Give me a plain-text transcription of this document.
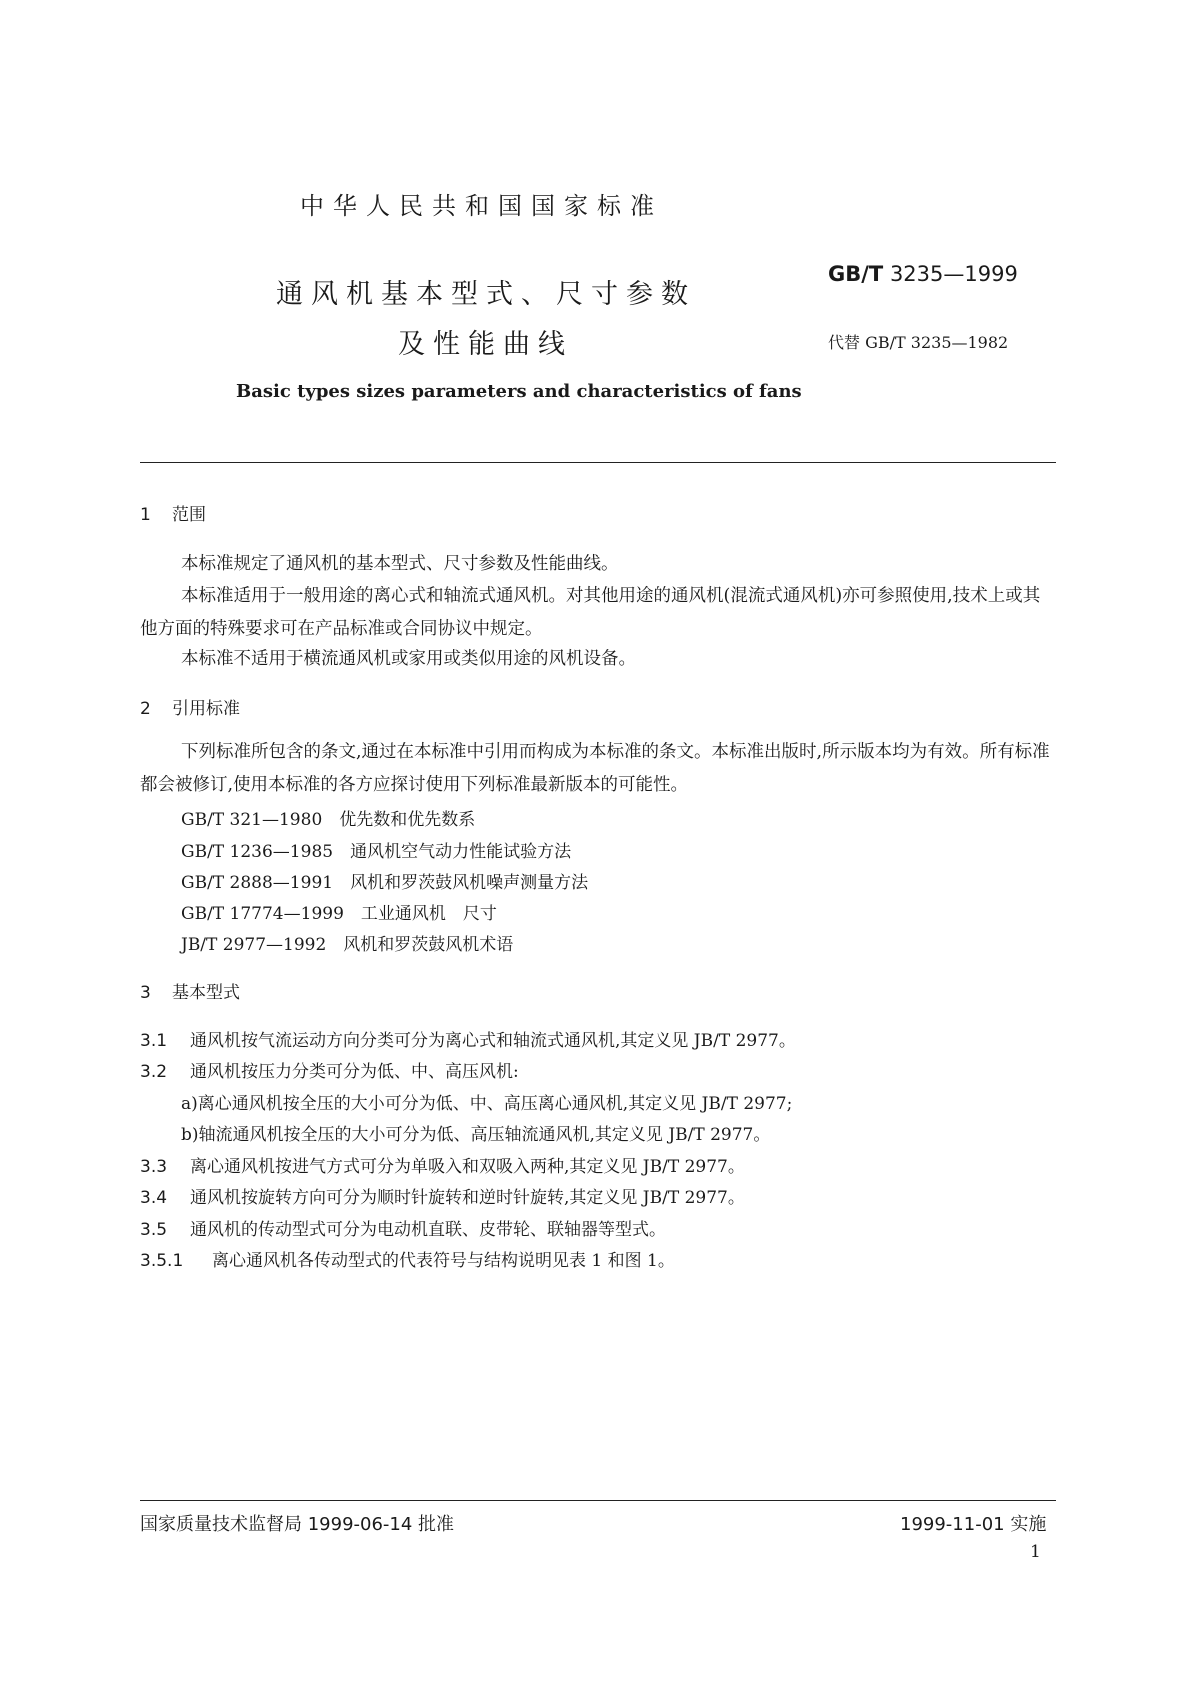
中华人民共和国国家标准
GB/T 3235—1999
通风机基本型式、尺寸参数
及性能曲线	代替 GB/T 3235—1982
Basic types sizes parameters and characteristics of fans
1 范围
本标准规定了通风机的基本型式、尺寸参数及性能曲线。
本标准适用于一般用途的离心式和轴流式通风机。对其他用途的通风机(混流式通风机)亦可参照使用,技术上或其他方面的特殊要求可在产品标准或合同协议中规定。
本标准不适用于横流通风机或家用或类似用途的风机设备。
2 引用标准
下列标准所包含的条文,通过在本标准中引用而构成为本标准的条文。本标准出版时,所示版本均为有效。所有标准都会被修订,使用本标准的各方应探讨使用下列标准最新版本的可能性。
GB/T 321—1980　优先数和优先数系
GB/T 1236—1985　通风机空气动力性能试验方法
GB/T 2888—1991　风机和罗茨鼓风机噪声测量方法
GB/T 17774—1999　工业通风机　尺寸
JB/T 2977—1992　风机和罗茨鼓风机术语
3 基本型式
3.1 通风机按气流运动方向分类可分为离心式和轴流式通风机,其定义见 JB/T 2977。
3.2 通风机按压力分类可分为低、中、高压风机:
a)离心通风机按全压的大小可分为低、中、高压离心通风机,其定义见 JB/T 2977;
b)轴流通风机按全压的大小可分为低、高压轴流通风机,其定义见 JB/T 2977。
3.3 离心通风机按进气方式可分为单吸入和双吸入两种,其定义见 JB/T 2977。
3.4 通风机按旋转方向可分为顺时针旋转和逆时针旋转,其定义见 JB/T 2977。
3.5 通风机的传动型式可分为电动机直联、皮带轮、联轴器等型式。
3.5.1 离心通风机各传动型式的代表符号与结构说明见表 1 和图 1。
国家质量技术监督局 1999-06-14 批准	1999-11-01 实施
1
